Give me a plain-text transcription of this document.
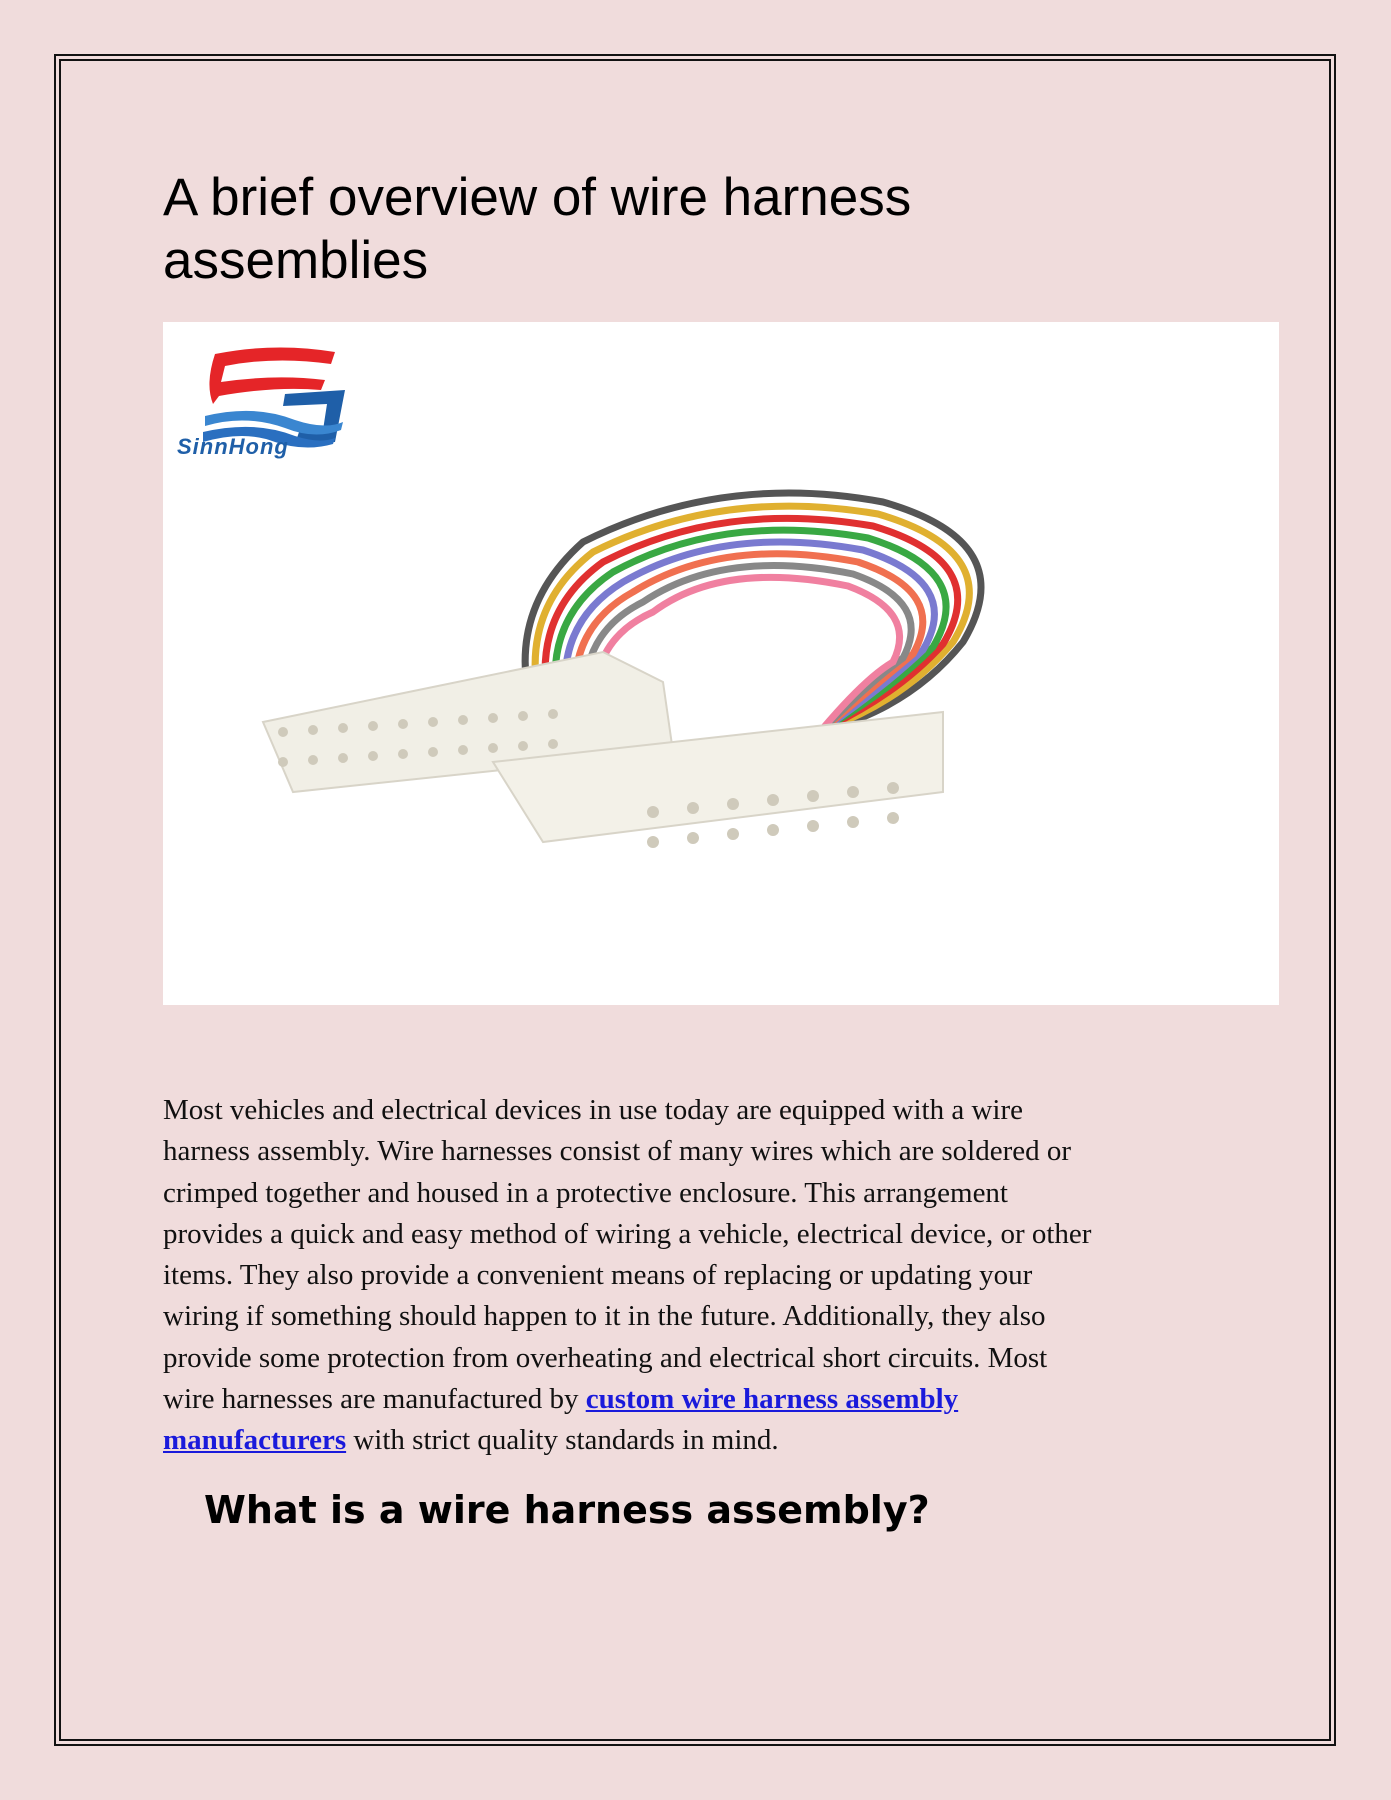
A brief overview of wire harness assemblies
SinnHong
Most vehicles and electrical devices in use today are equipped with a wire
harness assembly. Wire harnesses consist of many wires which are soldered or
crimped together and housed in a protective enclosure. This arrangement
provides a quick and easy method of wiring a vehicle, electrical device, or other
items. They also provide a convenient means of replacing or updating your
wiring if something should happen to it in the future. Additionally, they also
provide some protection from overheating and electrical short circuits. Most
wire harnesses are manufactured by custom wire harness assembly
manufacturers with strict quality standards in mind.
What is a wire harness assembly?
